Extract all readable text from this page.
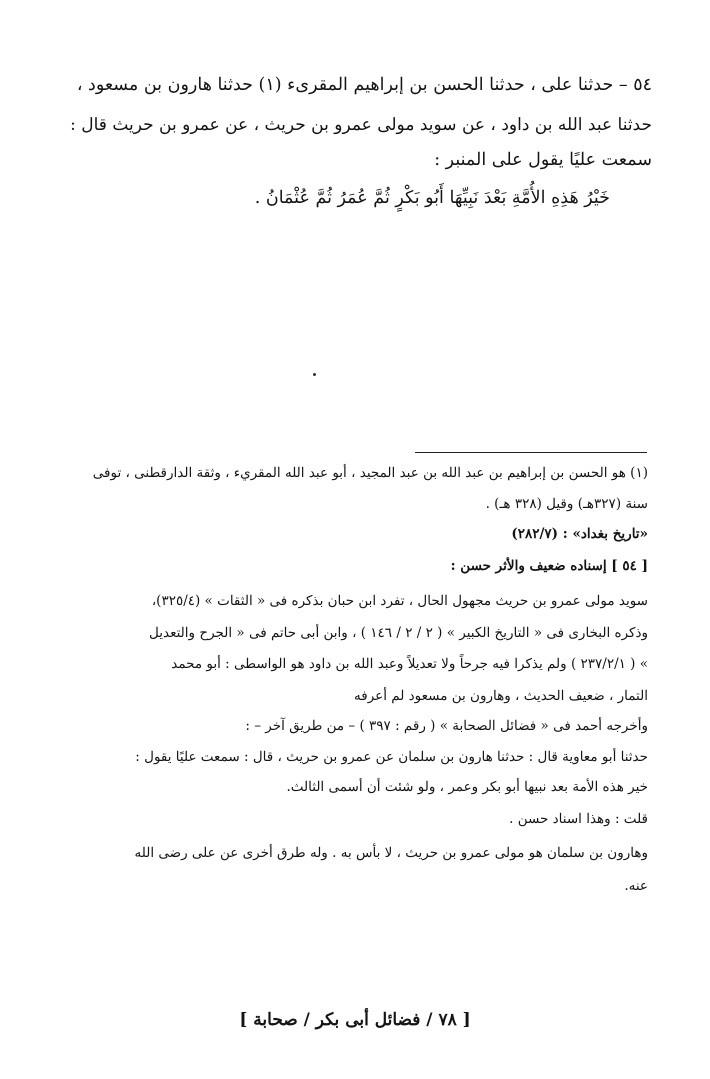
٥٤ – حدثنا على ، حدثنا الحسن بن إبراهيم المقرىء (١) حدثنا هارون بن مسعود ،
حدثنا عبد الله بن داود ، عن سويد مولى عمرو بن حريث ، عن عمرو بن حريث قال :
سمعت عليًا يقول على المنبر :
خَيْرُ هَذِهِ الأُمَّةِ بَعْدَ نَبِيِّهَا أَبُو بَكْرٍ ثُمَّ عُمَرُ ثُمَّ عُثْمَانُ .
(١) هو الحسن بن إبراهيم بن عبد الله بن عبد المجيد ، أبو عبد الله المقريء ، وثقة الدارقطنى ، توفى
سنة (٣٢٧هـ) وقيل (٣٢٨ هـ) .
«تاريخ بغداد» : (٢٨٢/٧)
[ ٥٤ ] إسناده ضعيف والأثر حسن :
سويد مولى عمرو بن حريث مجهول الحال ، تفرد ابن حبان بذكره فى « الثقات » (٣٢٥/٤)،
وذكره البخارى فى « التاريخ الكبير » ( ٢ / ٢ / ١٤٦ ) ، وابن أبى حاتم فى « الجرح والتعديل
» ( ٢٣٧/٢/١ ) ولم يذكرا فيه جرحاً ولا تعديلاً وعبد الله بن داود هو الواسطى : أبو محمد
التمار ، ضعيف الحديث ، وهارون بن مسعود لم أعرفه
وأخرجه أحمد فى « فضائل الصحابة » ( رقم : ٣٩٧ ) – من طريق آخر – :
حدثنا أبو معاوية قال : حدثنا هارون بن سلمان عن عمرو بن حريث ، قال : سمعت عليًا يقول :
خير هذه الأمة بعد نبيها أبو بكر وعمر ، ولو شئت أن أسمى الثالث.
قلت : وهذا اسناد حسن .
وهارون بن سلمان هو مولى عمرو بن حريث ، لا بأس به . وله طرق أخرى عن على رضى الله
عنه.
[ ٧٨ / فضائل أبى بكر / صحابة ]
